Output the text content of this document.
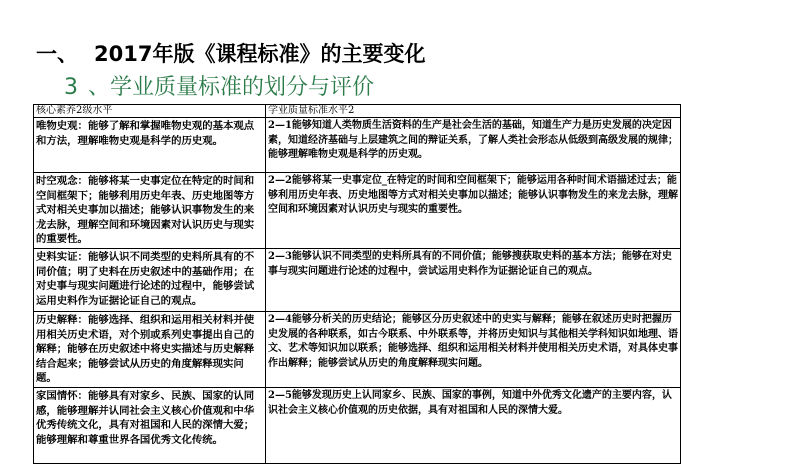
一、 2017年版《课程标准》的主要变化
3 、学业质量标准的划分与评价
核心素养2级水平	学业质量标准水平2
唯物史观：能够了解和掌握唯物史观的基本观点和方法，理解唯物史观是科学的历史观。	2—1能够知道人类物质生活资料的生产是社会生活的基础，知道生产力是历史发展的决定因素，知道经济基础与上层建筑之间的辩证关系，了解人类社会形态从低级到高级发展的规律；能够理解唯物史观是科学的历史观。
时空观念：能够将某一史事定位在特定的时间和空间框架下；能够利用历史年表、历史地图等方式对相关史事加以描述；能够认识事物发生的来龙去脉，理解空间和环境因素对认识历史与现实的重要性。	2—2能够将某一史事定位_在特定的时间和空间框架下；能够运用各种时间术语描述过去；能够利用历史年表、历史地图等方式对相关史事加以描述；能够认识事物发生的来龙去脉，理解空间和环境因素对认识历史与现实的重要性。
史料实证：能够认识不同类型的史料所具有的不同价值；明了史料在历史叙述中的基础作用；在对史事与现实问题进行论述的过程中，能够尝试运用史料作为证据论证自己的观点。	2—3能够认识不同类型的史料所具有的不同价值；能够搜获取史料的基本方法；能够在对史事与现实问题进行论述的过程中，尝试运用史料作为证据论证自己的观点。
历史解释：能够选择、组织和运用相关材料并使用相关历史术语，对个别或系列史事提出自己的解释；能够在历史叙述中将史实描述与历史解释结合起来；能够尝试从历史的角度解释现实问题。	2—4能够分析关的历史结论；能够区分历史叙述中的史实与解释；能够在叙述历史时把握历史发展的各种联系，如古今联系、中外联系等，并将历史知识与其他相关学科知识如地理、语文、艺术等知识加以联系；能够选择、组织和运用相关材料并使用相关历史术语，对具体史事作出解释；能够尝试从历史的角度解释现实问题。
家国情怀：能够具有对家乡、民族、国家的认同感，能够理解并认同社会主义核心价值观和中华优秀传统文化，具有对祖国和人民的深情大爱；能够理解和尊重世界各国优秀文化传统。	2—5能够发现历史上认同家乡、民族、国家的事例，知道中外优秀文化遗产的主要内容，认识社会主义核心价值观的历史依据，具有对祖国和人民的深情大爱。
